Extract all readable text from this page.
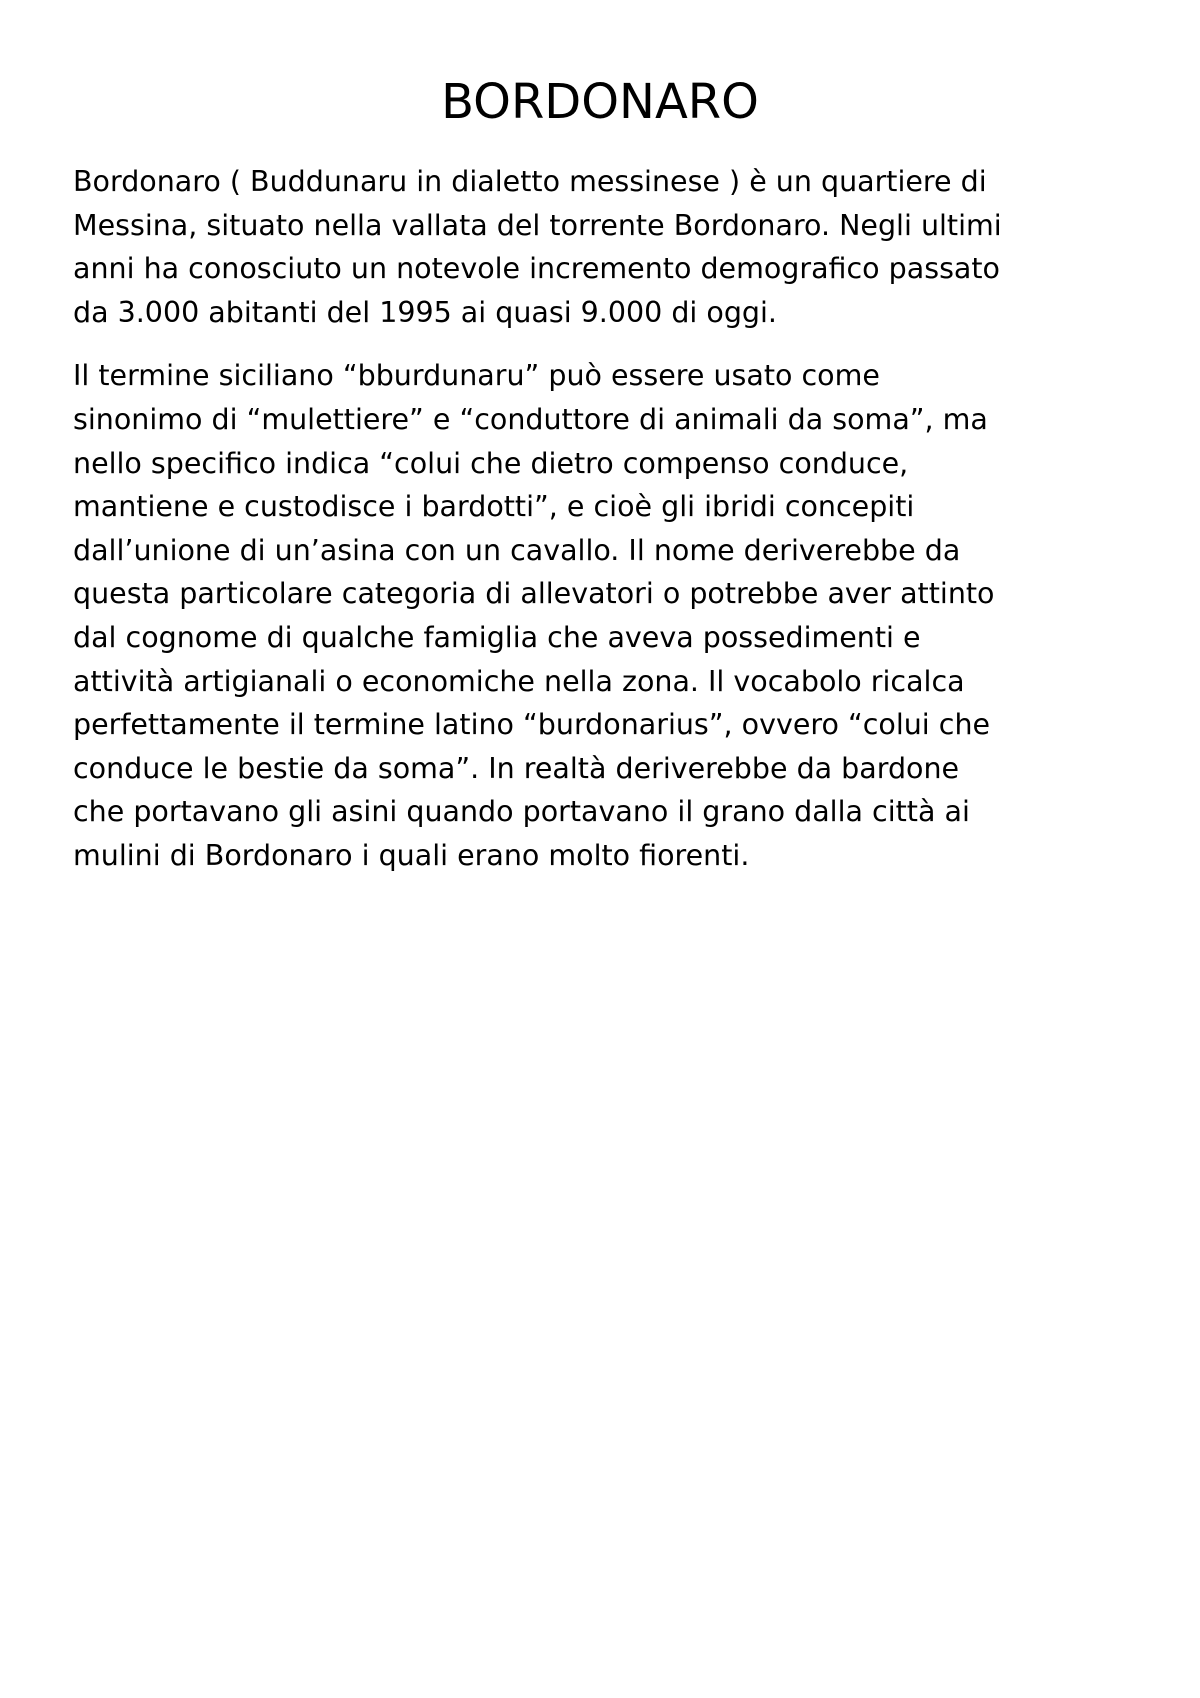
BORDONARO

Bordonaro ( Buddunaru in dialetto messinese ) è un quartiere di
Messina, situato nella vallata del torrente Bordonaro. Negli ultimi
anni ha conosciuto un notevole incremento demografico passato
da 3.000 abitanti del 1995 ai quasi 9.000 di oggi.

Il termine siciliano “bburdunaru” può essere usato come
sinonimo di “mulettiere” e “conduttore di animali da soma”, ma
nello specifico indica “colui che dietro compenso conduce,
mantiene e custodisce i bardotti”, e cioè gli ibridi concepiti
dall’unione di un’asina con un cavallo. Il nome deriverebbe da
questa particolare categoria di allevatori o potrebbe aver attinto
dal cognome di qualche famiglia che aveva possedimenti e
attività artigianali o economiche nella zona. Il vocabolo ricalca
perfettamente il termine latino “burdonarius”, ovvero “colui che
conduce le bestie da soma”. In realtà deriverebbe da bardone
che portavano gli asini quando portavano il grano dalla città ai
mulini di Bordonaro i quali erano molto fiorenti.
